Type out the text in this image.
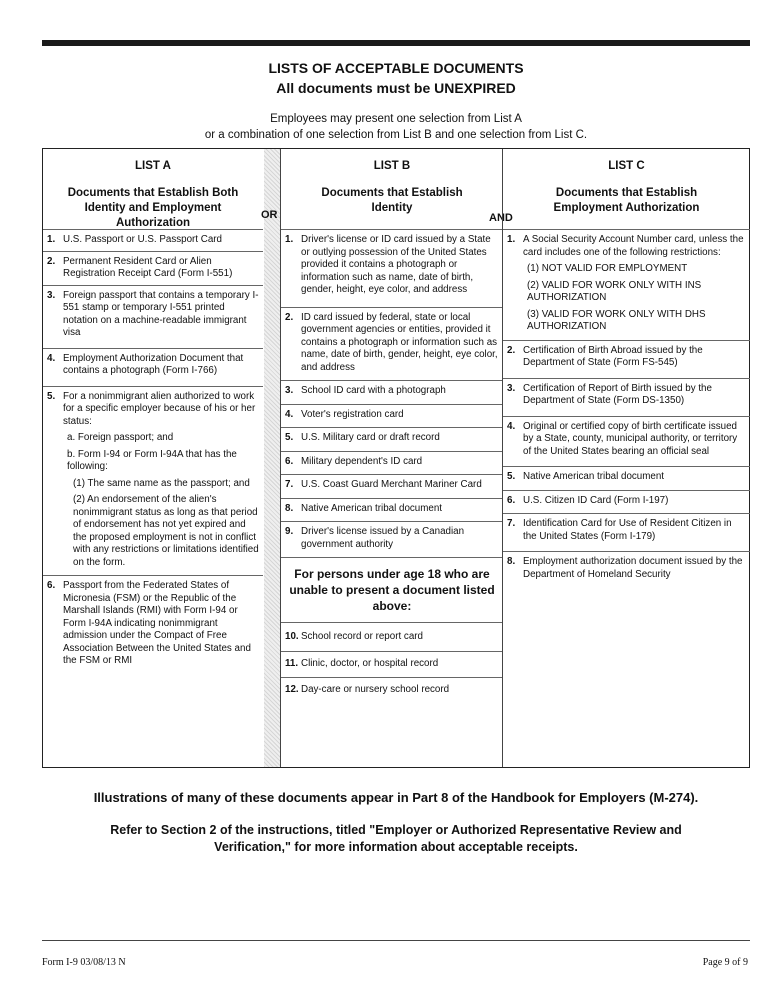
LISTS OF ACCEPTABLE DOCUMENTS
All documents must be UNEXPIRED
Employees may present one selection from List A
or a combination of one selection from List B and one selection from List C.
LIST A
Documents that Establish Both Identity and Employment Authorization
1. U.S. Passport or U.S. Passport Card
2. Permanent Resident Card or Alien Registration Receipt Card (Form I-551)
3. Foreign passport that contains a temporary I-551 stamp or temporary I-551 printed notation on a machine-readable immigrant visa
4. Employment Authorization Document that contains a photograph (Form I-766)
5. For a nonimmigrant alien authorized to work for a specific employer because of his or her status:
a. Foreign passport; and
b. Form I-94 or Form I-94A that has the following:
(1) The same name as the passport; and
(2) An endorsement of the alien's nonimmigrant status as long as that period of endorsement has not yet expired and the proposed employment is not in conflict with any restrictions or limitations identified on the form.
6. Passport from the Federated States of Micronesia (FSM) or the Republic of the Marshall Islands (RMI) with Form I-94 or Form I-94A indicating nonimmigrant admission under the Compact of Free Association Between the United States and the FSM or RMI
OR
LIST B
Documents that Establish Identity
1. Driver's license or ID card issued by a State or outlying possession of the United States provided it contains a photograph or information such as name, date of birth, gender, height, eye color, and address
2. ID card issued by federal, state or local government agencies or entities, provided it contains a photograph or information such as name, date of birth, gender, height, eye color, and address
3. School ID card with a photograph
4. Voter's registration card
5. U.S. Military card or draft record
6. Military dependent's ID card
7. U.S. Coast Guard Merchant Mariner Card
8. Native American tribal document
9. Driver's license issued by a Canadian government authority
For persons under age 18 who are unable to present a document listed above:
10. School record or report card
11. Clinic, doctor, or hospital record
12. Day-care or nursery school record
AND
LIST C
Documents that Establish Employment Authorization
1. A Social Security Account Number card, unless the card includes one of the following restrictions:
(1) NOT VALID FOR EMPLOYMENT
(2) VALID FOR WORK ONLY WITH INS AUTHORIZATION
(3) VALID FOR WORK ONLY WITH DHS AUTHORIZATION
2. Certification of Birth Abroad issued by the Department of State (Form FS-545)
3. Certification of Report of Birth issued by the Department of State (Form DS-1350)
4. Original or certified copy of birth certificate issued by a State, county, municipal authority, or territory of the United States bearing an official seal
5. Native American tribal document
6. U.S. Citizen ID Card (Form I-197)
7. Identification Card for Use of Resident Citizen in the United States (Form I-179)
8. Employment authorization document issued by the Department of Homeland Security
Illustrations of many of these documents appear in Part 8 of the Handbook for Employers (M-274).
Refer to Section 2 of the instructions, titled "Employer or Authorized Representative Review and Verification," for more information about acceptable receipts.
Form I-9 03/08/13 N	Page 9 of 9
